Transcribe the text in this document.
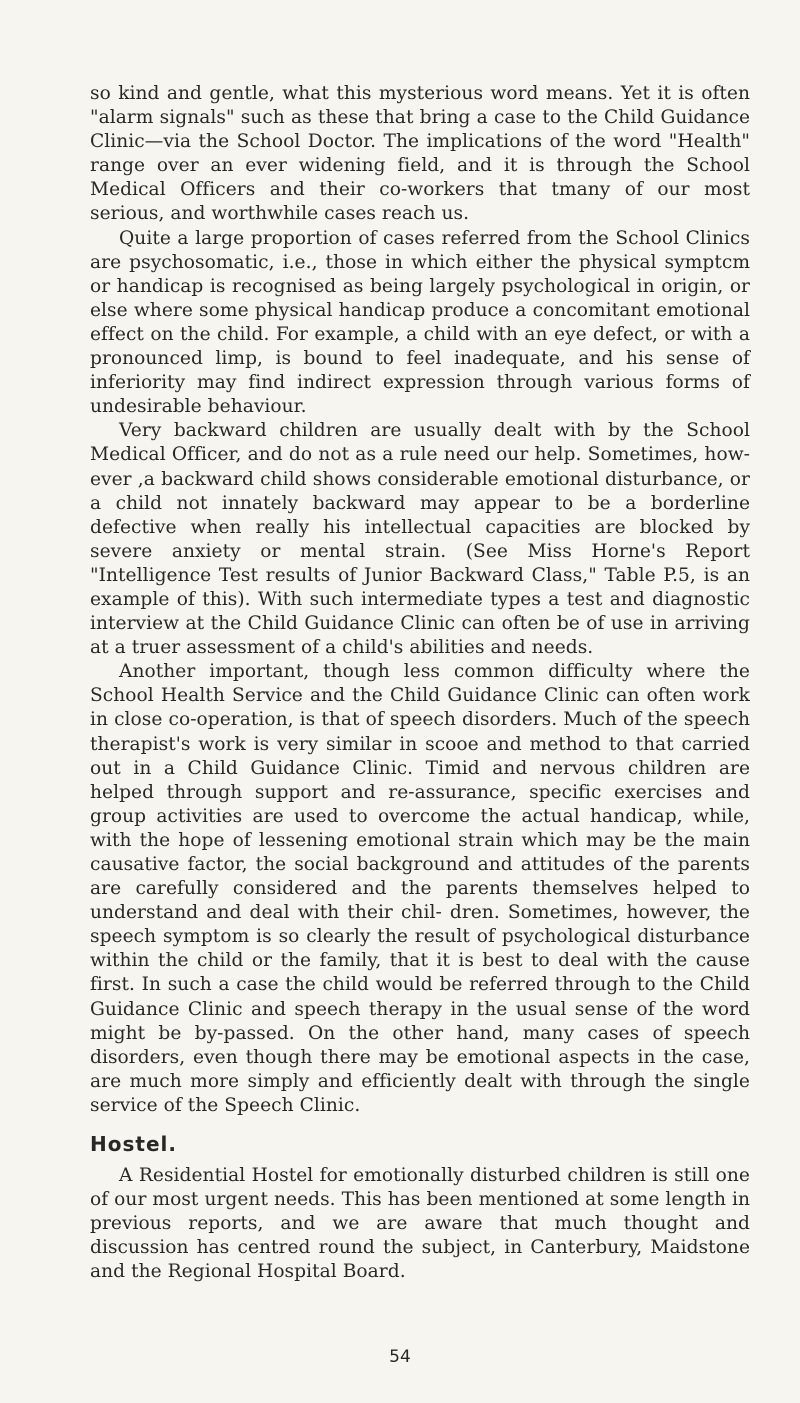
so kind and gentle, what this mysterious word means. Yet it is often "alarm signals" such as these that bring a case to the Child Guidance Clinic—via the School Doctor. The implications of the word "Health" range over an ever widening field, and it is through the School Medical Officers and their co-workers that tmany of our most serious, and worthwhile cases reach us.

Quite a large proportion of cases referred from the School Clinics are psychosomatic, i.e., those in which either the physical symptcm or handicap is recognised as being largely psychological in origin, or else where some physical handicap produce a concomitant emotional effect on the child. For example, a child with an eye defect, or with a pronounced limp, is bound to feel inadequate, and his sense of inferiority may find indirect expression through various forms of undesirable behaviour.

Very backward children are usually dealt with by the School Medical Officer, and do not as a rule need our help. Sometimes, how- ever ,a backward child shows considerable emotional disturbance, or a child not innately backward may appear to be a borderline defective when really his intellectual capacities are blocked by severe anxiety or mental strain. (See Miss Horne's Report "Intelligence Test results of Junior Backward Class," Table P.5, is an example of this). With such intermediate types a test and diagnostic interview at the Child Guidance Clinic can often be of use in arriving at a truer assessment of a child's abilities and needs.

Another important, though less common difficulty where the School Health Service and the Child Guidance Clinic can often work in close co-operation, is that of speech disorders. Much of the speech therapist's work is very similar in scooe and method to that carried out in a Child Guidance Clinic. Timid and nervous children are helped through support and re-assurance, specific exercises and group activities are used to overcome the actual handicap, while, with the hope of lessening emotional strain which may be the main causative factor, the social background and attitudes of the parents are carefully considered and the parents themselves helped to understand and deal with their chil- dren. Sometimes, however, the speech symptom is so clearly the result of psychological disturbance within the child or the family, that it is best to deal with the cause first. In such a case the child would be referred through to the Child Guidance Clinic and speech therapy in the usual sense of the word might be by-passed. On the other hand, many cases of speech disorders, even though there may be emotional aspects in the case, are much more simply and efficiently dealt with through the single service of the Speech Clinic.

Hostel.

A Residential Hostel for emotionally disturbed children is still one of our most urgent needs. This has been mentioned at some length in previous reports, and we are aware that much thought and discussion has centred round the subject, in Canterbury, Maidstone and the Regional Hospital Board.

54
